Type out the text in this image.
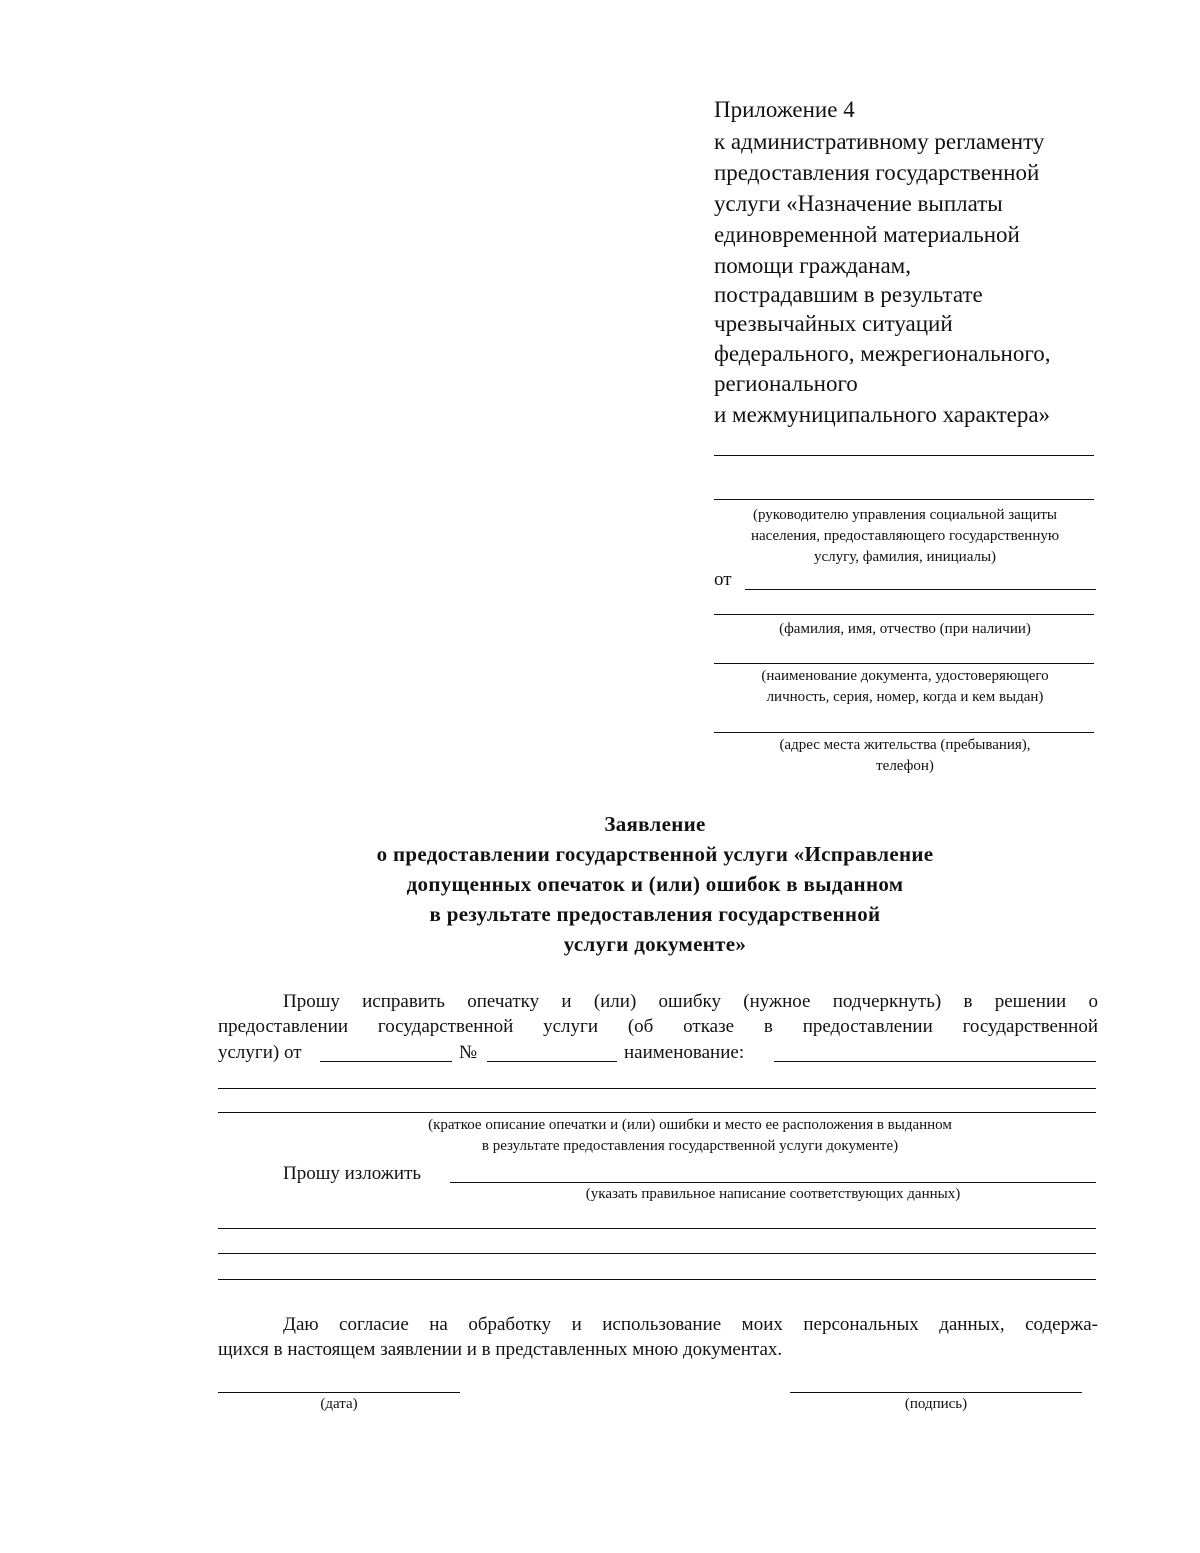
Приложение 4
к административному регламенту
предоставления государственной
услуги «Назначение выплаты
единовременной материальной
помощи гражданам,
пострадавшим в результате
чрезвычайных ситуаций
федерального, межрегионального,
регионального
и межмуниципального характера»
(руководителю управления социальной защиты
населения, предоставляющего государственную
услугу, фамилия, инициалы)
от
(фамилия, имя, отчество (при наличии)
(наименование документа, удостоверяющего
личность, серия, номер, когда и кем выдан)
(адрес места жительства (пребывания),
телефон)
Заявление
о предоставлении государственной услуги «Исправление
допущенных опечаток и (или) ошибок в выданном
в результате предоставления государственной
услуги документе»
Прошу исправить опечатку и (или) ошибку (нужное подчеркнуть) в решении о
предоставлении государственной услуги (об отказе в предоставлении государственной
услуги) от	№	наименование:
(краткое описание опечатки и (или) ошибки и место ее расположения в выданном
в результате предоставления государственной услуги документе)
Прошу изложить
(указать правильное написание соответствующих данных)
Даю согласие на обработку и использование моих персональных данных, содержа-
щихся в настоящем заявлении и в представленных мною документах.
(дата)	(подпись)
